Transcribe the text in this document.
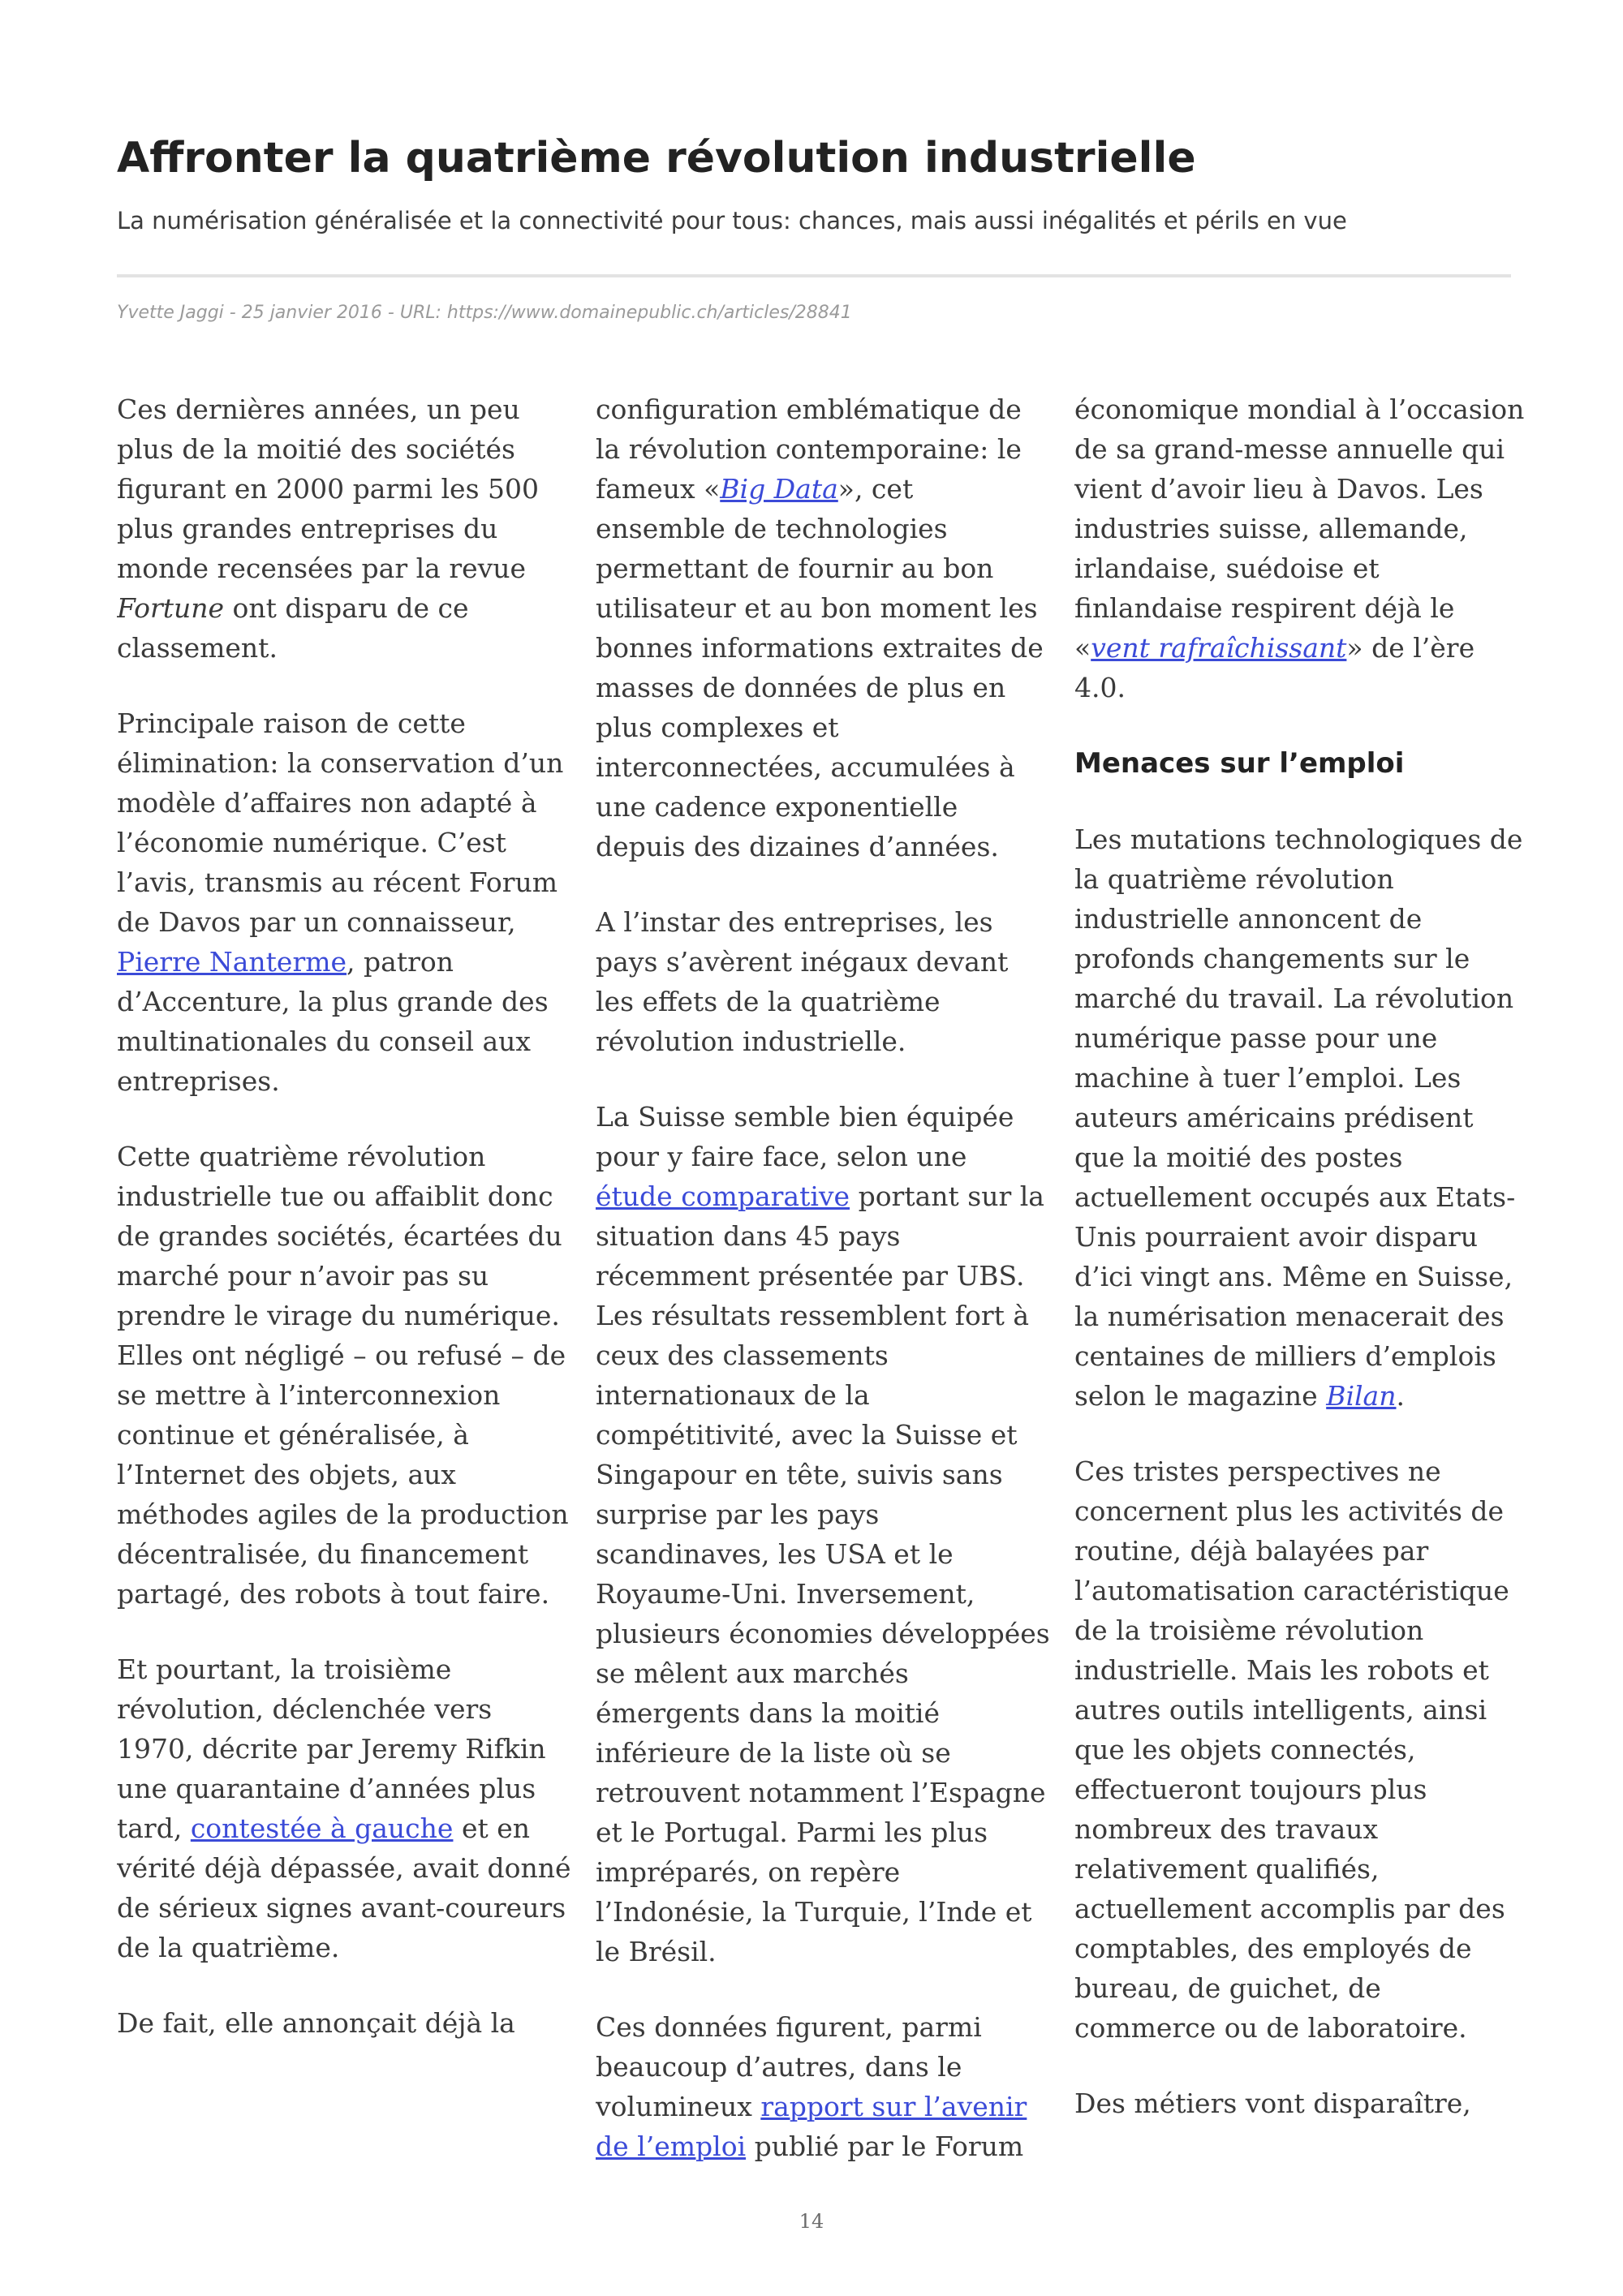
Affronter la quatrième révolution industrielle
La numérisation généralisée et la connectivité pour tous: chances, mais aussi inégalités et périls en vue
Yvette Jaggi - 25 janvier 2016 - URL: https://www.domainepublic.ch/articles/28841

Ces dernières années, un peu plus de la moitié des sociétés figurant en 2000 parmi les 500 plus grandes entreprises du monde recensées par la revue Fortune ont disparu de ce classement.

Principale raison de cette élimination: la conservation d’un modèle d’affaires non adapté à l’économie numérique. C’est l’avis, transmis au récent Forum de Davos par un connaisseur, Pierre Nanterme, patron d’Accenture, la plus grande des multinationales du conseil aux entreprises.

Cette quatrième révolution industrielle tue ou affaiblit donc de grandes sociétés, écartées du marché pour n’avoir pas su prendre le virage du numérique. Elles ont négligé – ou refusé – de se mettre à l’interconnexion continue et généralisée, à l’Internet des objets, aux méthodes agiles de la production décentralisée, du financement partagé, des robots à tout faire.

Et pourtant, la troisième révolution, déclenchée vers 1970, décrite par Jeremy Rifkin une quarantaine d’années plus tard, contestée à gauche et en vérité déjà dépassée, avait donné de sérieux signes avant-coureurs de la quatrième.

De fait, elle annonçait déjà la

configuration emblématique de la révolution contemporaine: le fameux «Big Data», cet ensemble de technologies permettant de fournir au bon utilisateur et au bon moment les bonnes informations extraites de masses de données de plus en plus complexes et interconnectées, accumulées à une cadence exponentielle depuis des dizaines d’années.

A l’instar des entreprises, les pays s’avèrent inégaux devant les effets de la quatrième révolution industrielle.

La Suisse semble bien équipée pour y faire face, selon une étude comparative portant sur la situation dans 45 pays récemment présentée par UBS. Les résultats ressemblent fort à ceux des classements internationaux de la compétitivité, avec la Suisse et Singapour en tête, suivis sans surprise par les pays scandinaves, les USA et le Royaume-Uni. Inversement, plusieurs économies développées se mêlent aux marchés émergents dans la moitié inférieure de la liste où se retrouvent notamment l’Espagne et le Portugal. Parmi les plus impréparés, on repère l’Indonésie, la Turquie, l’Inde et le Brésil.

Ces données figurent, parmi beaucoup d’autres, dans le volumineux rapport sur l’avenir de l’emploi publié par le Forum

économique mondial à l’occasion de sa grand-messe annuelle qui vient d’avoir lieu à Davos. Les industries suisse, allemande, irlandaise, suédoise et finlandaise respirent déjà le «vent rafraîchissant» de l’ère 4.0.

Menaces sur l’emploi

Les mutations technologiques de la quatrième révolution industrielle annoncent de profonds changements sur le marché du travail. La révolution numérique passe pour une machine à tuer l’emploi. Les auteurs américains prédisent que la moitié des postes actuellement occupés aux Etats-Unis pourraient avoir disparu d’ici vingt ans. Même en Suisse, la numérisation menacerait des centaines de milliers d’emplois selon le magazine Bilan.

Ces tristes perspectives ne concernent plus les activités de routine, déjà balayées par l’automatisation caractéristique de la troisième révolution industrielle. Mais les robots et autres outils intelligents, ainsi que les objets connectés, effectueront toujours plus nombreux des travaux relativement qualifiés, actuellement accomplis par des comptables, des employés de bureau, de guichet, de commerce ou de laboratoire.

Des métiers vont disparaître,

14
